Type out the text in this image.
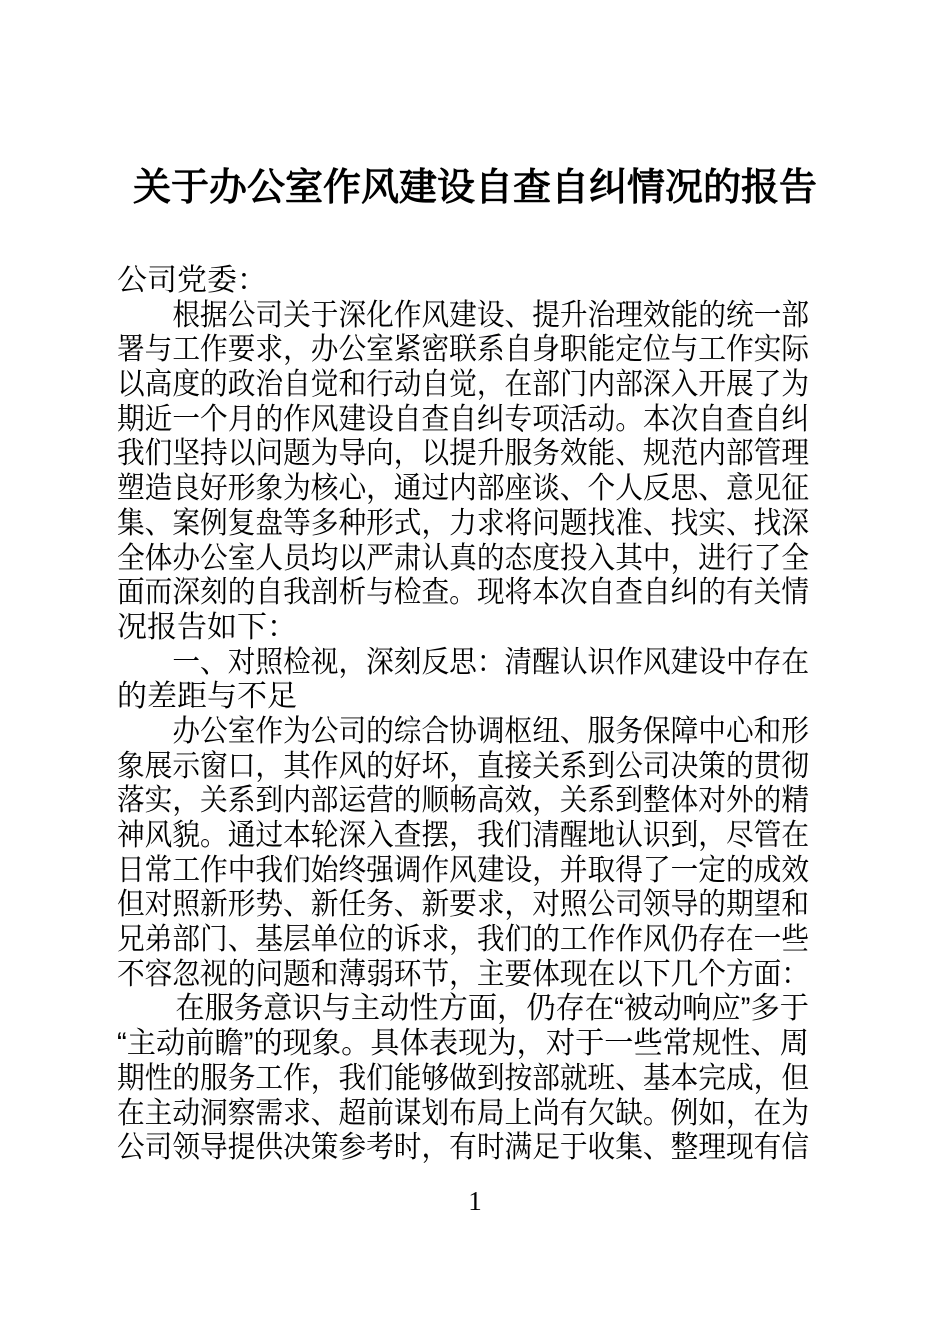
关于办公室作风建设自查自纠情况的报告
公司党委：
　　根据公司关于深化作风建设、提升治理效能的统一部
署与工作要求，办公室紧密联系自身职能定位与工作实际
以高度的政治自觉和行动自觉，在部门内部深入开展了为
期近一个月的作风建设自查自纠专项活动。本次自查自纠
我们坚持以问题为导向，以提升服务效能、规范内部管理
塑造良好形象为核心，通过内部座谈、个人反思、意见征
集、案例复盘等多种形式，力求将问题找准、找实、找深
全体办公室人员均以严肃认真的态度投入其中，进行了全
面而深刻的自我剖析与检查。现将本次自查自纠的有关情
况报告如下：
　　一、对照检视，深刻反思：清醒认识作风建设中存在
的差距与不足
　　办公室作为公司的综合协调枢纽、服务保障中心和形
象展示窗口，其作风的好坏，直接关系到公司决策的贯彻
落实，关系到内部运营的顺畅高效，关系到整体对外的精
神风貌。通过本轮深入查摆，我们清醒地认识到，尽管在
日常工作中我们始终强调作风建设，并取得了一定的成效
但对照新形势、新任务、新要求，对照公司领导的期望和
兄弟部门、基层单位的诉求，我们的工作作风仍存在一些
不容忽视的问题和薄弱环节，主要体现在以下几个方面：
　　在服务意识与主动性方面，仍存在“被动响应”多于
“主动前瞻”的现象。具体表现为，对于一些常规性、周
期性的服务工作，我们能够做到按部就班、基本完成，但
在主动洞察需求、超前谋划布局上尚有欠缺。例如，在为
公司领导提供决策参考时，有时满足于收集、整理现有信
1
